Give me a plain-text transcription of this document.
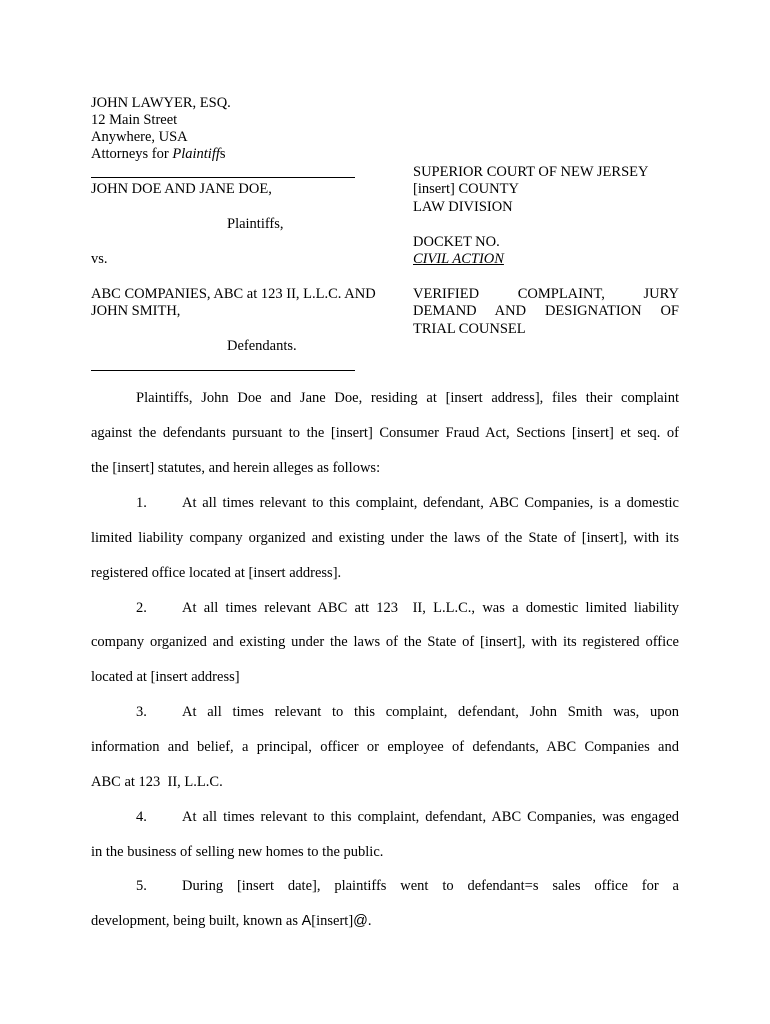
JOHN LAWYER, ESQ.
12 Main Street
Anywhere, USA
Attorneys for Plaintiffs
JOHN DOE AND JANE DOE,
Plaintiffs,
vs.
ABC COMPANIES, ABC at 123 II, L.L.C. AND
JOHN SMITH,
Defendants.
SUPERIOR COURT OF NEW JERSEY
[insert] COUNTY
LAW DIVISION
DOCKET NO.
CIVIL ACTION
VERIFIED COMPLAINT, JURY
DEMAND AND DESIGNATION OF
TRIAL COUNSEL
Plaintiffs, John Doe and Jane Doe, residing at [insert address], files their complaint
against the defendants pursuant to the [insert] Consumer Fraud Act, Sections [insert] et seq. of
the [insert] statutes, and herein alleges as follows:
1. At all times relevant to this complaint, defendant, ABC Companies, is a domestic
limited liability company organized and existing under the laws of the State of [insert], with its
registered office located at [insert address].
2. At all times relevant ABC att 123  II, L.L.C., was a domestic limited liability
company organized and existing under the laws of the State of [insert], with its registered office
located at [insert address]
3. At all times relevant to this complaint, defendant, John Smith was, upon
information and belief, a principal, officer or employee of defendants, ABC Companies and
ABC at 123  II, L.L.C.
4. At all times relevant to this complaint, defendant, ABC Companies, was engaged
in the business of selling new homes to the public.
5. During [insert date], plaintiffs went to defendant=s sales office for a
development, being built, known as A[insert]@.
